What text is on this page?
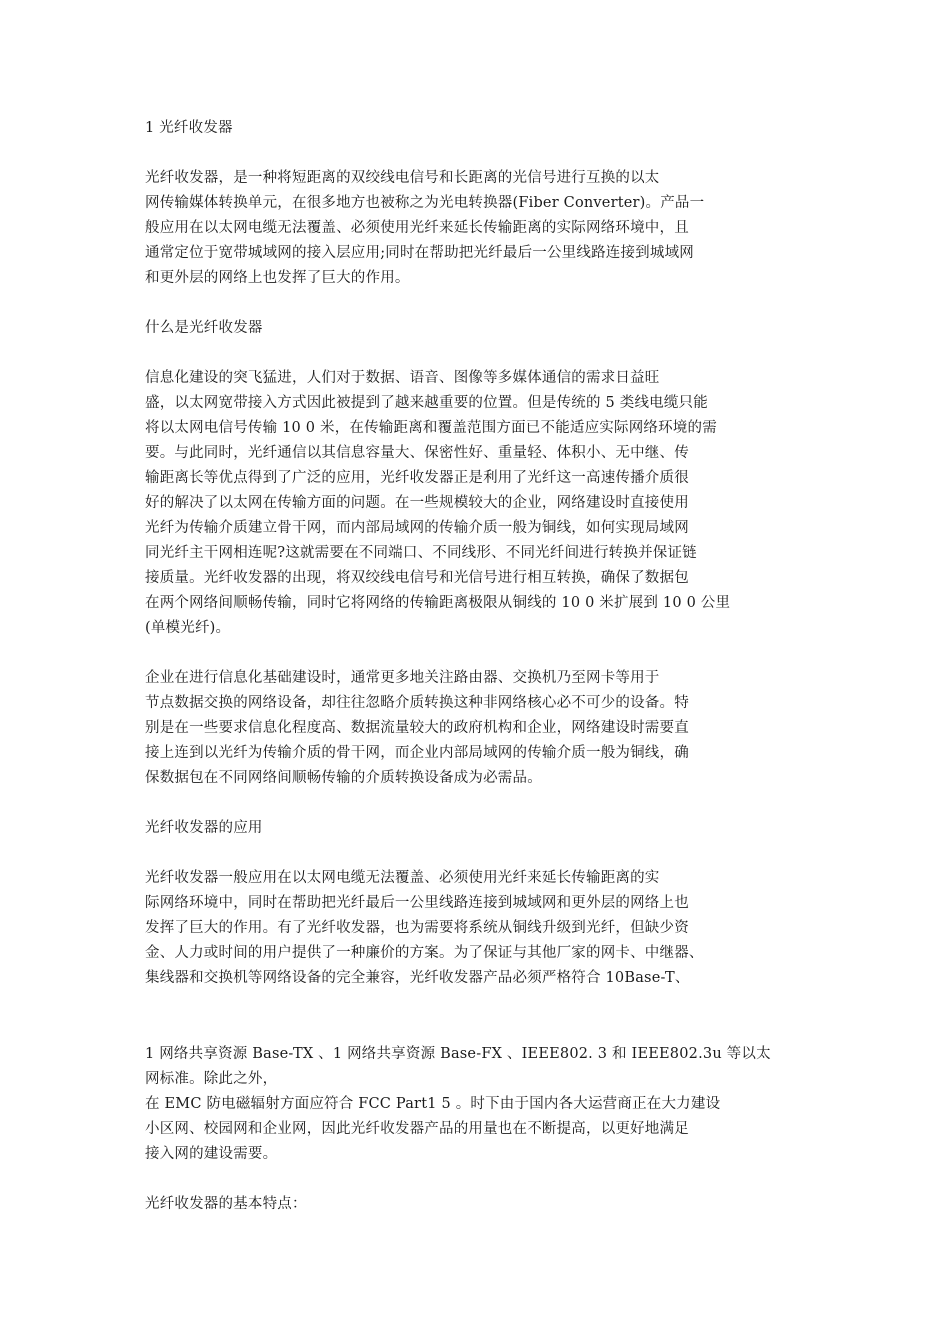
1 光纤收发器
光纤收发器，是一种将短距离的双绞线电信号和长距离的光信号进行互换的以太
网传输媒体转换单元，在很多地方也被称之为光电转换器(Fiber Converter)。产品一
般应用在以太网电缆无法覆盖、必须使用光纤来延长传输距离的实际网络环境中，且
通常定位于宽带城域网的接入层应用;同时在帮助把光纤最后一公里线路连接到城域网
和更外层的网络上也发挥了巨大的作用。
什么是光纤收发器
信息化建设的突飞猛进，人们对于数据、语音、图像等多媒体通信的需求日益旺
盛，以太网宽带接入方式因此被提到了越来越重要的位置。但是传统的 5 类线电缆只能
将以太网电信号传输 10 0 米，在传输距离和覆盖范围方面已不能适应实际网络环境的需
要。与此同时，光纤通信以其信息容量大、保密性好、重量轻、体积小、无中继、传
输距离长等优点得到了广泛的应用，光纤收发器正是利用了光纤这一高速传播介质很
好的解决了以太网在传输方面的问题。在一些规模较大的企业，网络建设时直接使用
光纤为传输介质建立骨干网，而内部局域网的传输介质一般为铜线，如何实现局域网
同光纤主干网相连呢?这就需要在不同端口、不同线形、不同光纤间进行转换并保证链
接质量。光纤收发器的出现，将双绞线电信号和光信号进行相互转换，确保了数据包
在两个网络间顺畅传输，同时它将网络的传输距离极限从铜线的 10 0 米扩展到 10 0 公里
(单模光纤)。
企业在进行信息化基础建设时，通常更多地关注路由器、交换机乃至网卡等用于
节点数据交换的网络设备，却往往忽略介质转换这种非网络核心必不可少的设备。特
别是在一些要求信息化程度高、数据流量较大的政府机构和企业，网络建设时需要直
接上连到以光纤为传输介质的骨干网，而企业内部局域网的传输介质一般为铜线，确
保数据包在不同网络间顺畅传输的介质转换设备成为必需品。
光纤收发器的应用
光纤收发器一般应用在以太网电缆无法覆盖、必须使用光纤来延长传输距离的实
际网络环境中，同时在帮助把光纤最后一公里线路连接到城域网和更外层的网络上也
发挥了巨大的作用。有了光纤收发器，也为需要将系统从铜线升级到光纤，但缺少资
金、人力或时间的用户提供了一种廉价的方案。为了保证与其他厂家的网卡、中继器、
集线器和交换机等网络设备的完全兼容，光纤收发器产品必须严格符合 10Base-T、
1 网络共享资源 Base-TX 、1 网络共享资源 Base-FX 、IEEE802. 3 和 IEEE802.3u 等以太
网标准。除此之外，
在 EMC 防电磁辐射方面应符合 FCC Part1 5 。时下由于国内各大运营商正在大力建设
小区网、校园网和企业网，因此光纤收发器产品的用量也在不断提高，以更好地满足
接入网的建设需要。
光纤收发器的基本特点：
